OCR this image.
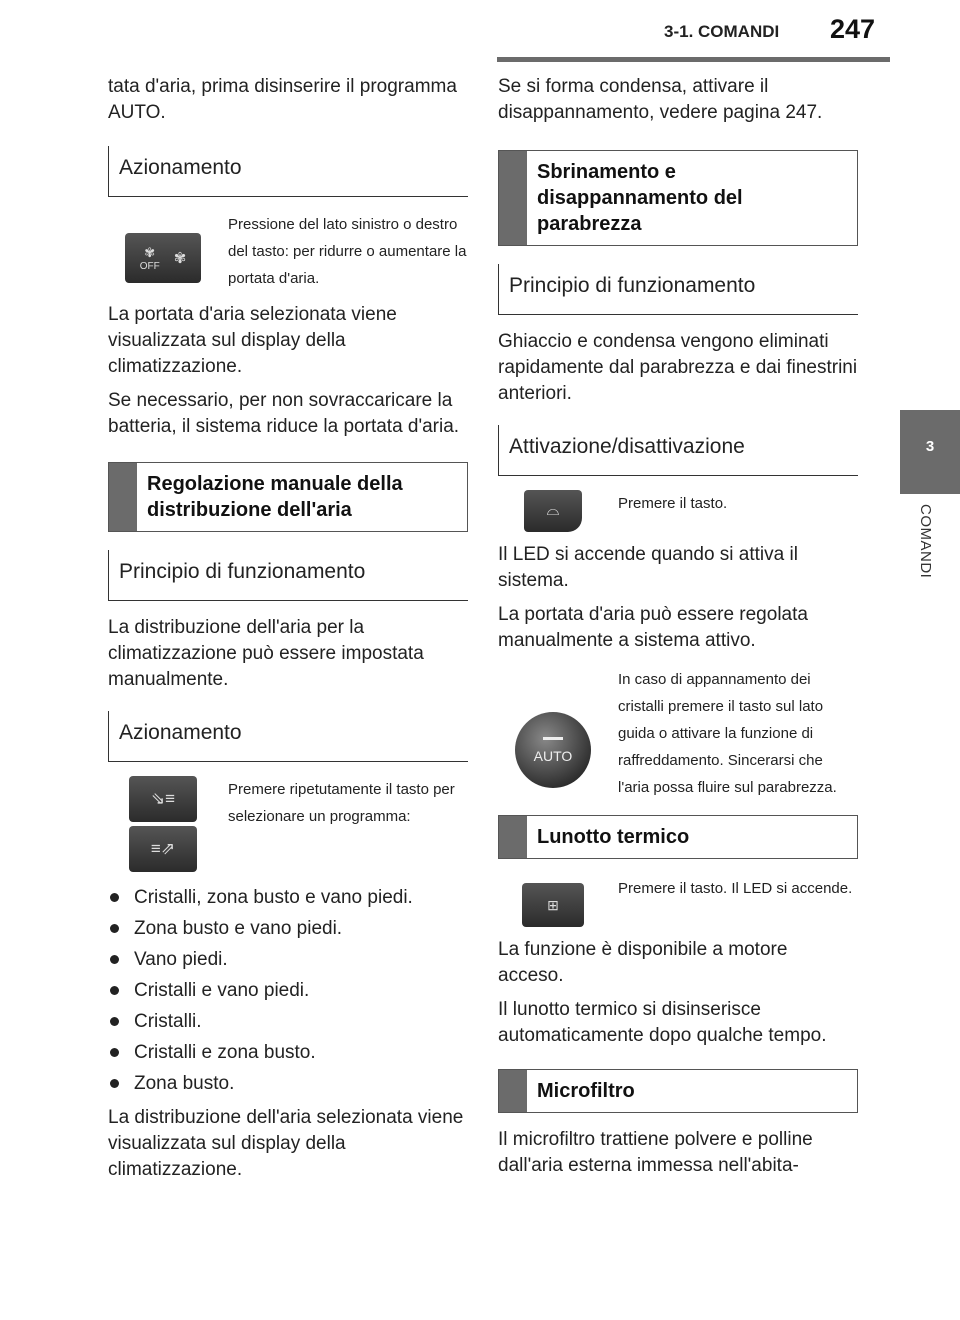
3-1. COMANDI 247
3
COMANDI

tata d'aria, prima disinserire il programma AUTO.

Azionamento
✾
OFF ✾

Pressione del lato sinistro o destro del tasto: per ridurre o aumentare la portata d'aria.

La portata d'aria selezionata viene visualizzata sul display della climatizzazione.

Se necessario, per non sovraccaricare la batteria, il sistema riduce la portata d'aria.

Regolazione manuale della distribuzione dell'aria
Principio di funzionamento

La distribuzione dell'aria per la climatizzazione può essere impostata manualmente.

Azionamento
⇘≡
≡⇗

Premere ripetutamente il tasto per selezionare un programma:

Cristalli, zona busto e vano piedi.
Zona busto e vano piedi.
Vano piedi.
Cristalli e vano piedi.
Cristalli.
Cristalli e zona busto.
Zona busto.

La distribuzione dell'aria selezionata viene visualizzata sul display della climatizzazione.

Se si forma condensa, attivare il disappannamento, vedere pagina 247.

Sbrinamento e disappannamento del parabrezza
Principio di funzionamento

Ghiaccio e condensa vengono eliminati rapidamente dal parabrezza e dai finestrini anteriori.

Attivazione/disattivazione
⌓	Premere il tasto.

Il LED si accende quando si attiva il sistema.

La portata d'aria può essere regolata manualmente a sistema attivo.

AUTO

In caso di appannamento dei cristalli premere il tasto sul lato guida o attivare la funzione di raffreddamento. Sincerarsi che l'aria possa fluire sul parabrezza.

Lunotto termico
⊞

Premere il tasto. Il LED si accende.

La funzione è disponibile a motore acceso.

Il lunotto termico si disinserisce automaticamente dopo qualche tempo.

Microfiltro

Il microfiltro trattiene polvere e polline dall'aria esterna immessa nell'abita-
